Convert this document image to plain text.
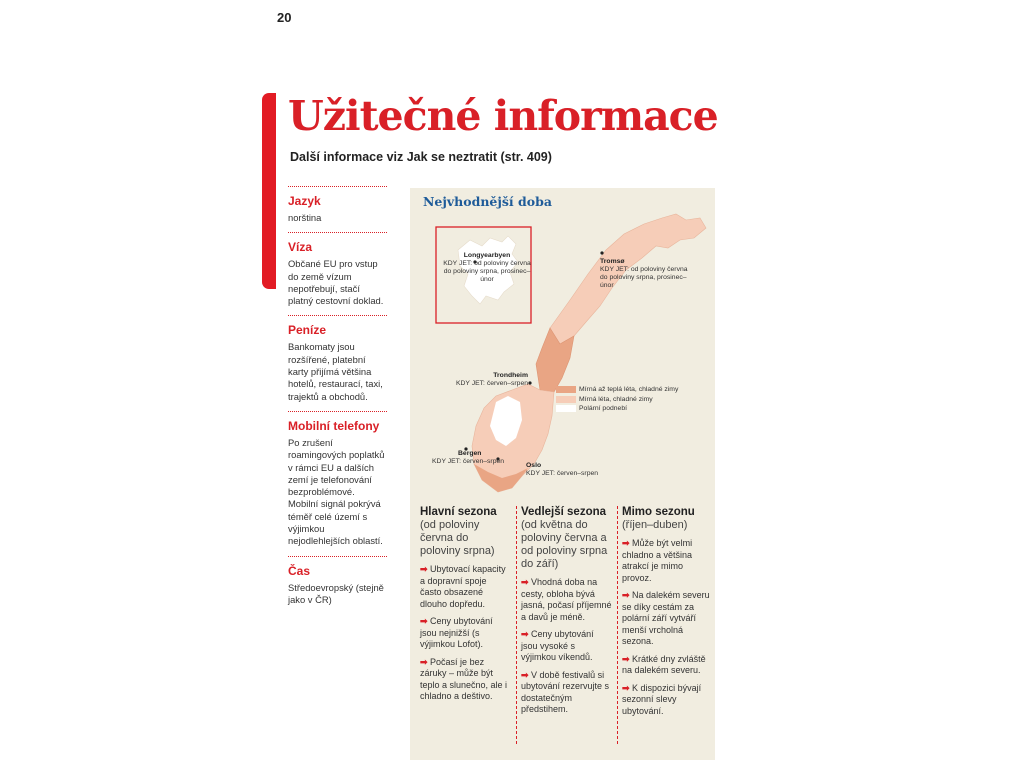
20
Užitečné informace
Další informace viz Jak se neztratit (str. 409)
Jazyk
norština
Víza
Občané EU pro vstup do země vízum nepotřebují, stačí platný cestovní doklad.
Peníze
Bankomaty jsou rozšířené, platební karty přijímá většina hotelů, restaurací, taxi, trajektů a obchodů.
Mobilní telefony
Po zrušení roamingových poplatků v rámci EU a dalších zemí je telefonování bezproblémové. Mobilní signál pokrývá téměř celé území s výjimkou nejodlehlejších oblastí.
Čas
Středoevropský (stejně jako v ČR)
Nejvhodnější doba
Longyearbyen
KDY JET: od poloviny června do poloviny srpna, prosinec–únor
Tromsø
KDY JET: od poloviny června do poloviny srpna, prosinec–únor
Trondheim
KDY JET: červen–srpen
Bergen
KDY JET: červen–srpen
Oslo
KDY JET: červen–srpen
Mírná až teplá léta, chladné zimy
Mírná léta, chladné zimy
Polární podnebí
Hlavní sezona
(od poloviny června do poloviny srpna)
➡ Ubytovací kapacity a dopravní spoje často obsazené dlouho dopředu.
➡ Ceny ubytování jsou nejnižší (s výjimkou Lofot).
➡ Počasí je bez záruky – může být teplo a slunečno, ale i chladno a deštivo.
Vedlejší sezona
(od května do poloviny června a od poloviny srpna do září)
➡ Vhodná doba na cesty, obloha bývá jasná, počasí příjemné a davů je méně.
➡ Ceny ubytování jsou vysoké s výjimkou víkendů.
➡ V době festivalů si ubytování rezervujte s dostatečným předstihem.
Mimo sezonu
(říjen–duben)
➡ Může být velmi chladno a většina atrakcí je mimo provoz.
➡ Na dalekém severu se díky cestám za polární září vytváří menší vrcholná sezona.
➡ Krátké dny zvláště na dalekém severu.
➡ K dispozici bývají sezonní slevy ubytování.
